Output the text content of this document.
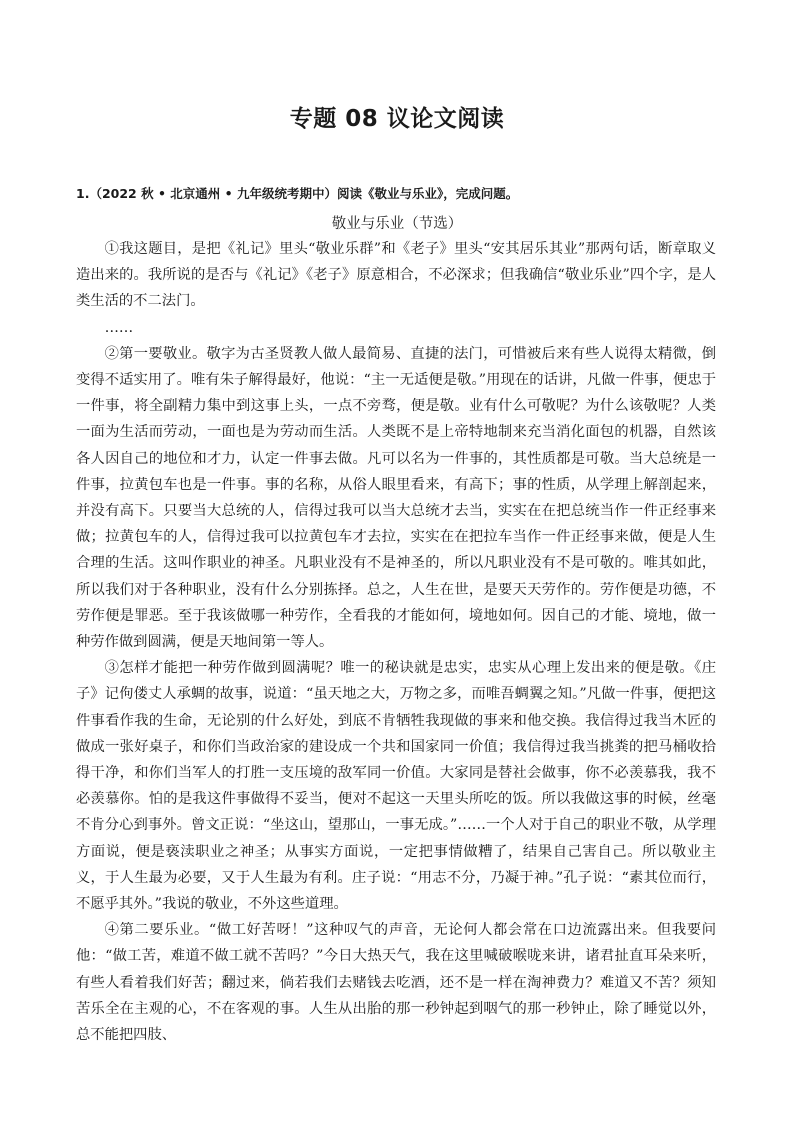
专题 08 议论文阅读

1.（2022 秋 • 北京通州 • 九年级统考期中）阅读《敬业与乐业》，完成问题。

敬业与乐业（节选）

①我这题目，是把《礼记》里头“敬业乐群”和《老子》里头“安其居乐其业”那两句话，断章取义造出来的。我所说的是否与《礼记》《老子》原意相合，不必深求；但我确信“敬业乐业”四个字，是人类生活的不二法门。

……

②第一要敬业。敬字为古圣贤教人做人最简易、直捷的法门，可惜被后来有些人说得太精微，倒变得不适实用了。唯有朱子解得最好，他说：“主一无适便是敬。”用现在的话讲，凡做一件事，便忠于一件事，将全副精力集中到这事上头，一点不旁骛，便是敬。业有什么可敬呢？为什么该敬呢？人类一面为生活而劳动，一面也是为劳动而生活。人类既不是上帝特地制来充当消化面包的机器，自然该各人因自己的地位和才力，认定一件事去做。凡可以名为一件事的，其性质都是可敬。当大总统是一件事，拉黄包车也是一件事。事的名称，从俗人眼里看来，有高下；事的性质，从学理上解剖起来，并没有高下。只要当大总统的人，信得过我可以当大总统才去当，实实在在把总统当作一件正经事来做；拉黄包车的人，信得过我可以拉黄包车才去拉，实实在在把拉车当作一件正经事来做，便是人生合理的生活。这叫作职业的神圣。凡职业没有不是神圣的，所以凡职业没有不是可敬的。唯其如此，所以我们对于各种职业，没有什么分别拣择。总之，人生在世，是要天天劳作的。劳作便是功德，不劳作便是罪恶。至于我该做哪一种劳作，全看我的才能如何，境地如何。因自己的才能、境地，做一种劳作做到圆满，便是天地间第一等人。

③怎样才能把一种劳作做到圆满呢？唯一的秘诀就是忠实，忠实从心理上发出来的便是敬。《庄子》记佝偻丈人承蜩的故事，说道：“虽天地之大，万物之多，而唯吾蜩翼之知。”凡做一件事，便把这件事看作我的生命，无论别的什么好处，到底不肯牺牲我现做的事来和他交换。我信得过我当木匠的做成一张好桌子，和你们当政治家的建设成一个共和国家同一价值；我信得过我当挑粪的把马桶收拾得干净，和你们当军人的打胜一支压境的敌军同一价值。大家同是替社会做事，你不必羡慕我，我不必羡慕你。怕的是我这件事做得不妥当，便对不起这一天里头所吃的饭。所以我做这事的时候，丝毫不肯分心到事外。曾文正说：“坐这山，望那山，一事无成。”……一个人对于自己的职业不敬，从学理方面说，便是亵渎职业之神圣；从事实方面说，一定把事情做糟了，结果自己害自己。所以敬业主义，于人生最为必要，又于人生最为有利。庄子说：“用志不分，乃凝于神。”孔子说：“素其位而行，不愿乎其外。”我说的敬业，不外这些道理。

④第二要乐业。“做工好苦呀！”这种叹气的声音，无论何人都会常在口边流露出来。但我要问他：“做工苦，难道不做工就不苦吗？”今日大热天气，我在这里喊破喉咙来讲，诸君扯直耳朵来听，有些人看着我们好苦；翻过来，倘若我们去赌钱去吃酒，还不是一样在淘神费力？难道又不苦？须知苦乐全在主观的心，不在客观的事。人生从出胎的那一秒钟起到咽气的那一秒钟止，除了睡觉以外，总不能把四肢、
